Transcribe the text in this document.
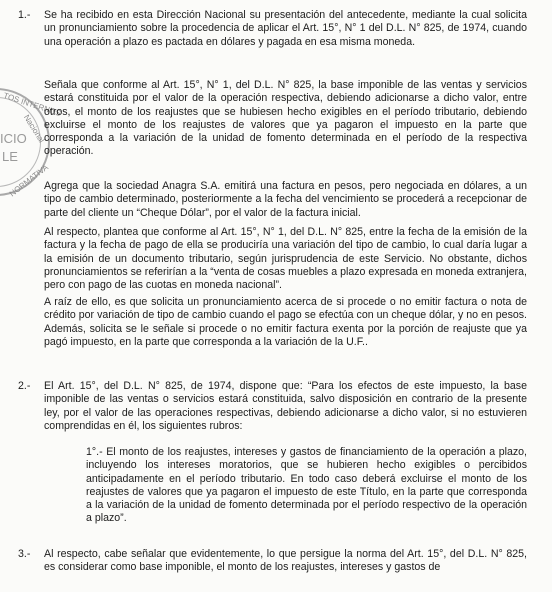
TOS INTERNOS
Nacional
NORMATIVA
ICIO
LE
1.- Se ha recibido en esta Dirección Nacional su presentación del antecedente, mediante la cual solicita un pronunciamiento sobre la procedencia de aplicar el Art. 15°, N° 1 del D.L. N° 825, de 1974, cuando una operación a plazo es pactada en dólares y pagada en esa misma moneda.

Señala que conforme al Art. 15°, N° 1, del D.L. N° 825, la base imponible de las ventas y servicios estará constituida por el valor de la operación respectiva, debiendo adicionarse a dicho valor, entre otros, el monto de los reajustes que se hubiesen hecho exigibles en el período tributario, debiendo excluirse el monto de los reajustes de valores que ya pagaron el impuesto en la parte que corresponda a la variación de la unidad de fomento determinada en el período de la respectiva operación.

Agrega que la sociedad Anagra S.A. emitirá una factura en pesos, pero negociada en dólares, a un tipo de cambio determinado, posteriormente a la fecha del vencimiento se procederá a recepcionar de parte del cliente un “Cheque Dólar”, por el valor de la factura inicial.

Al respecto, plantea que conforme al Art. 15°, N° 1, del D.L. N° 825, entre la fecha de la emisión de la factura y la fecha de pago de ella se produciría una variación del tipo de cambio, lo cual daría lugar a la emisión de un documento tributario, según jurisprudencia de este Servicio. No obstante, dichos pronunciamientos se referirían a la “venta de cosas muebles a plazo expresada en moneda extranjera, pero con pago de las cuotas en moneda nacional”.

A raíz de ello, es que solicita un pronunciamiento acerca de si procede o no emitir factura o nota de crédito por variación de tipo de cambio cuando el pago se efectúa con un cheque dólar, y no en pesos. Además, solicita se le señale si procede o no emitir factura exenta por la porción de reajuste que ya pagó impuesto, en la parte que corresponda a la variación de la U.F..

2.- El Art. 15°, del D.L. N° 825, de 1974, dispone que: “Para los efectos de este impuesto, la base imponible de las ventas o servicios estará constituida, salvo disposición en contrario de la presente ley, por el valor de las operaciones respectivas, debiendo adicionarse a dicho valor, si no estuvieren comprendidas en él, los siguientes rubros:

1°.- El monto de los reajustes, intereses y gastos de financiamiento de la operación a plazo, incluyendo los intereses moratorios, que se hubieren hecho exigibles o percibidos anticipadamente en el período tributario. En todo caso deberá excluirse el monto de los reajustes de valores que ya pagaron el impuesto de este Título, en la parte que corresponda a la variación de la unidad de fomento determinada por el período respectivo de la operación a plazo”.

3.- Al respecto, cabe señalar que evidentemente, lo que persigue la norma del Art. 15°, del D.L. N° 825, es considerar como base imponible, el monto de los reajustes, intereses y gastos de
